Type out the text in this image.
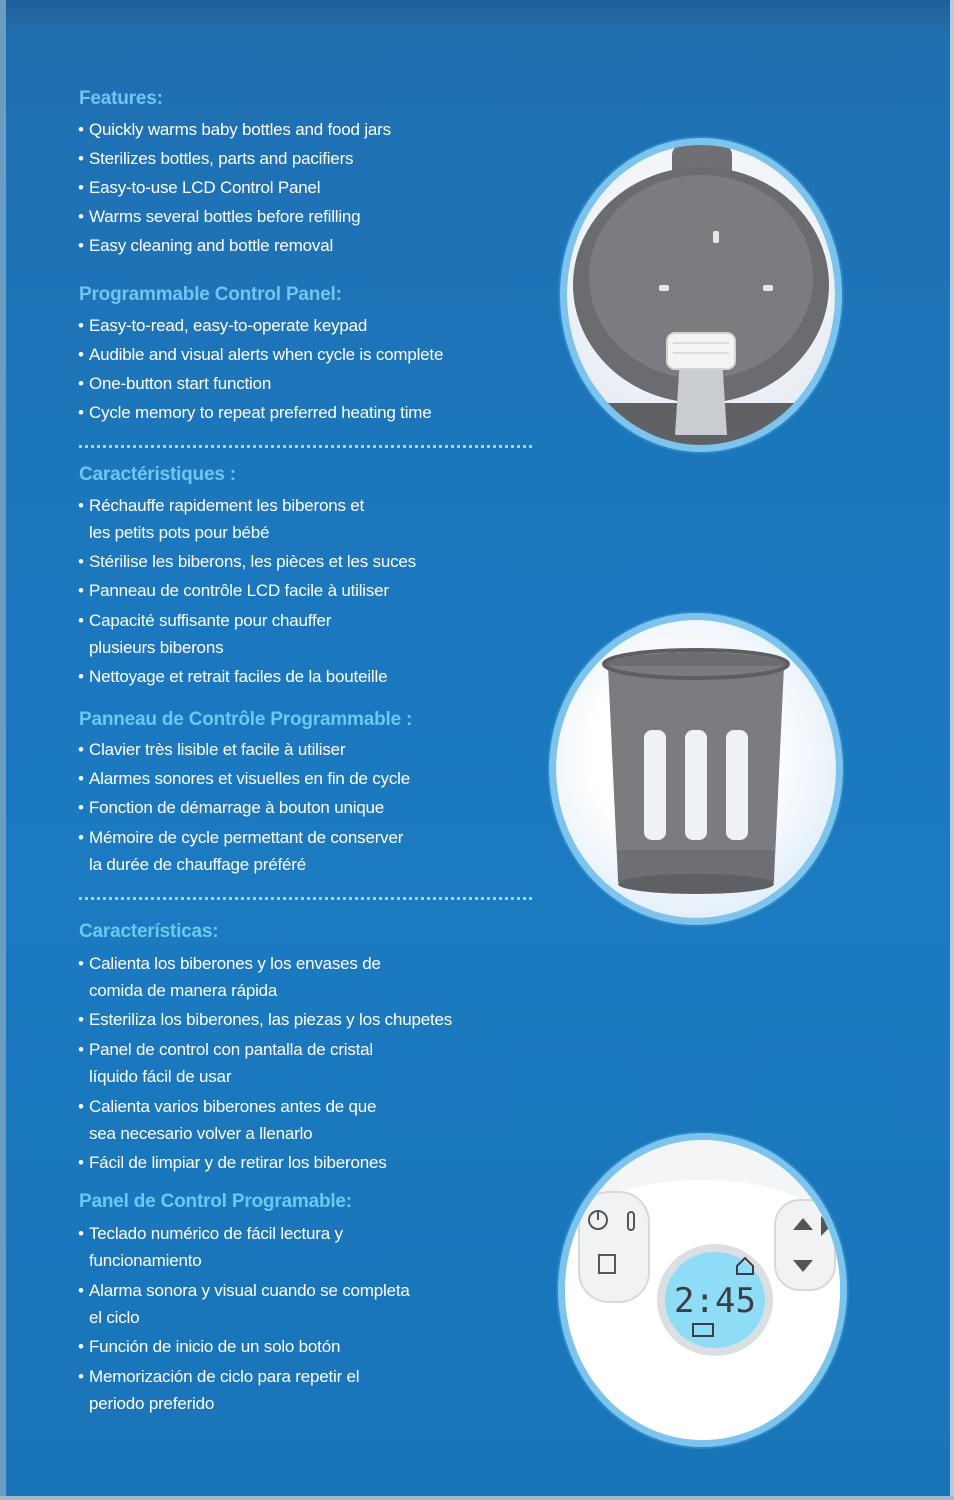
Features:
• Quickly warms baby bottles and food jars
• Sterilizes bottles, parts and pacifiers
• Easy-to-use LCD Control Panel
• Warms several bottles before refilling
• Easy cleaning and bottle removal
Programmable Control Panel:
• Easy-to-read, easy-to-operate keypad
• Audible and visual alerts when cycle is complete
• One-button start function
• Cycle memory to repeat preferred heating time
Caractéristiques :
• Réchauffe rapidement les biberons et
les petits pots pour bébé
• Stérilise les biberons, les pièces et les suces
• Panneau de contrôle LCD facile à utiliser
• Capacité suffisante pour chauffer
plusieurs biberons
• Nettoyage et retrait faciles de la bouteille
Panneau de Contrôle Programmable :
• Clavier très lisible et facile à utiliser
• Alarmes sonores et visuelles en fin de cycle
• Fonction de démarrage à bouton unique
• Mémoire de cycle permettant de conserver
la durée de chauffage préféré
Características:
• Calienta los biberones y los envases de
comida de manera rápida
• Esteriliza los biberones, las piezas y los chupetes
• Panel de control con pantalla de cristal
líquido fácil de usar
• Calienta varios biberones antes de que
sea necesario volver a llenarlo
• Fácil de limpiar y de retirar los biberones
Panel de Control Programable:
• Teclado numérico de fácil lectura y
funcionamiento
• Alarma sonora y visual cuando se completa
el ciclo
• Función de inicio de un solo botón
• Memorización de ciclo para repetir el
periodo preferido
2:45
